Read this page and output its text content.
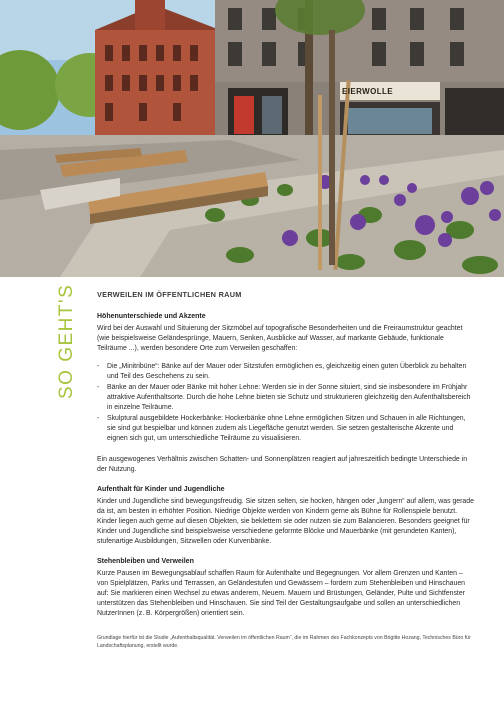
EIERWOLLE
SO GEHT'S	VERWEILEN IM ÖFFENTLICHEN RAUM

Höhenunterschiede und Akzente

Wird bei der Auswahl und Situierung der Sitzmöbel auf topografische Besonderheiten und die Freiraumstruktur geachtet (wie beispielsweise Geländesprünge, Mauern, Senken, Ausblicke auf Wasser, auf markante Gebäude, funktionale Teilräume ...), werden besondere Orte zum Verweilen geschaffen:

- Die „Minitribüne“: Bänke auf der Mauer oder Sitzstufen ermöglichen es, gleichzeitig einen guten Überblick zu behalten und Teil des Geschehens zu sein.
- Bänke an der Mauer oder Bänke mit hoher Lehne: Werden sie in der Sonne situiert, sind sie insbesondere im Frühjahr attraktive Aufenthaltsorte. Durch die hohe Lehne bieten sie Schutz und strukturieren gleichzeitig den Aufenthaltsbereich in einzelne Teilräume.
- Skulptural ausgebildete Hockerbänke: Hockerbänke ohne Lehne ermöglichen Sitzen und Schauen in alle Richtungen, sie sind gut bespielbar und können zudem als Liegefläche genutzt werden. Sie setzen gestalterische Akzente und eignen sich gut, um unterschiedliche Teilräume zu visualisieren.

Ein ausgewogenes Verhältnis zwischen Schatten- und Sonnenplätzen reagiert auf jahreszeitlich bedingte Unterschiede in der Nutzung.

Aufenthalt für Kinder und Jugendliche

Kinder und Jugendliche sind bewegungsfreudig. Sie sitzen selten, sie hocken, hängen oder „lungern“ auf allem, was gerade da ist, am besten in erhöhter Position. Niedrige Objekte werden von Kindern gerne als Bühne für Rollenspiele benutzt. Kinder liegen auch gerne auf diesen Objekten, sie beklettern sie oder nutzen sie zum Balancieren. Besonders geeignet für Kinder und Jugendliche sind beispielsweise verschiedene geformte Blöcke und Mauerbänke (mit gerundeten Kanten), stufenartige Ausbildungen, Sitzwellen oder Kurvenbänke.

Stehenbleiben und Verweilen

Kurze Pausen im Bewegungsablauf schaffen Raum für Aufenthalte und Begegnungen. Vor allem Grenzen und Kanten – von Spielplätzen, Parks und Terrassen, an Geländestufen und Gewässern – fordern zum Stehenbleiben und Hinschauen auf: Sie markieren einen Wechsel zu etwas anderem, Neuem. Mauern und Brüstungen, Geländer, Pulte und Sichtfenster unterstützen das Stehenbleiben und Hinschauen. Sie sind Teil der Gestaltungsaufgabe und sollen an unterschiedlichen NutzerInnen (z. B. Körpergrößen) orientiert sein.

Grundlage hierfür ist die Studie „Aufenthaltsqualität. Verweilen im öffentlichen Raum“, die im Rahmen des Fachkonzepts von Brigitte Hozang, Technisches Büro für Landschaftsplanung, erstellt wurde.
